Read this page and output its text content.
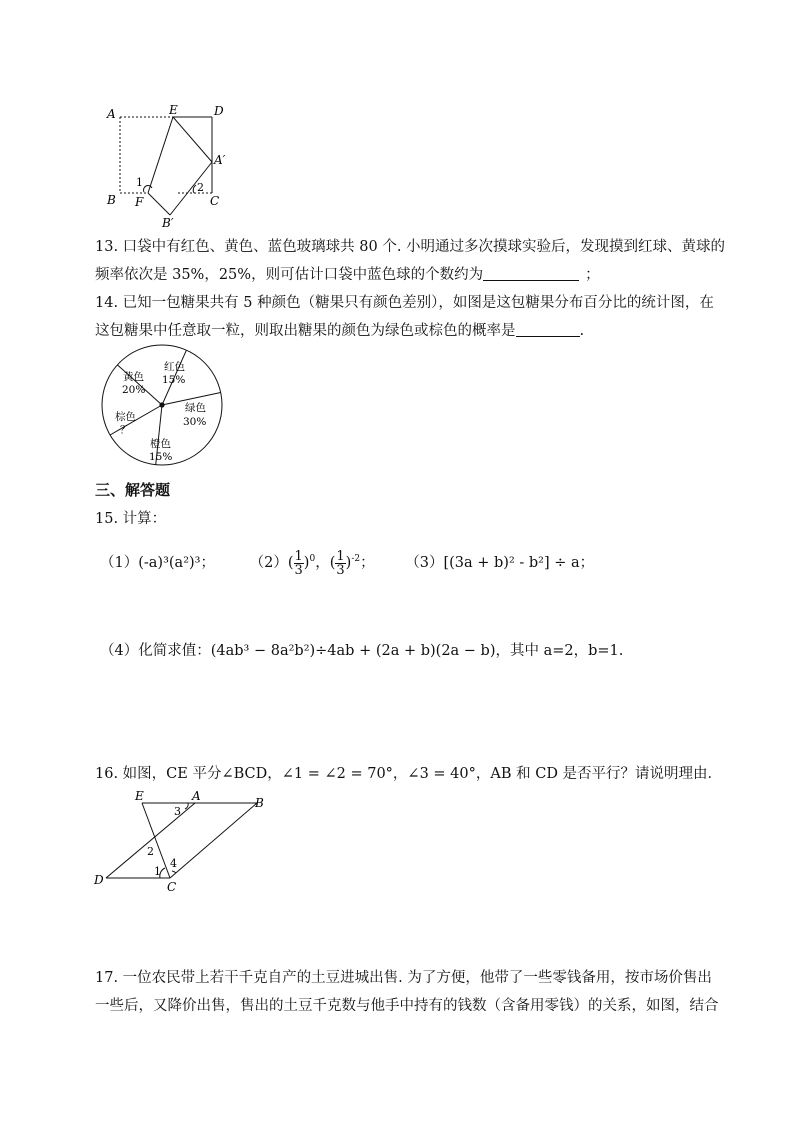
A	E	D
A′
B F	C
B′
1	2
13. 口袋中有红色、黄色、蓝色玻璃球共 80 个. 小明通过多次摸球实验后，发现摸到红球、黄球的
频率依次是 35%，25%，则可估计口袋中蓝色球的个数约为	；
14. 已知一包糖果共有 5 种颜色（糖果只有颜色差别），如图是这包糖果分布百分比的统计图，在
这包糖果中任意取一粒，则取出糖果的颜色为绿色或棕色的概率是	.
黄色
20%
红色
15%
绿色
30%
橙色
15%
棕色
？
三、解答题
15. 计算：
（1）(-a)³(a²)³； $(2)( \frac{1}{3} )^0$，( $\frac{1}{3} )^{-2}$； （3）[(3a + b)² - b²] ÷ a；
（4）化简求值：(4ab³ − 8a²b²)÷4ab + (2a + b)(2a − b)，其中 a=2，b=1.
16. 如图，CE 平分∠BCD，∠1 = ∠2 = 70°，∠3 = 40°，AB 和 CD 是否平行？请说明理由．
E	A	B
D	C
1
2
3
4
17. 一位农民带上若干千克自产的土豆进城出售. 为了方便，他带了一些零钱备用，按市场价售出
一些后，又降价出售，售出的土豆千克数与他手中持有的钱数（含备用零钱）的关系，如图，结合
